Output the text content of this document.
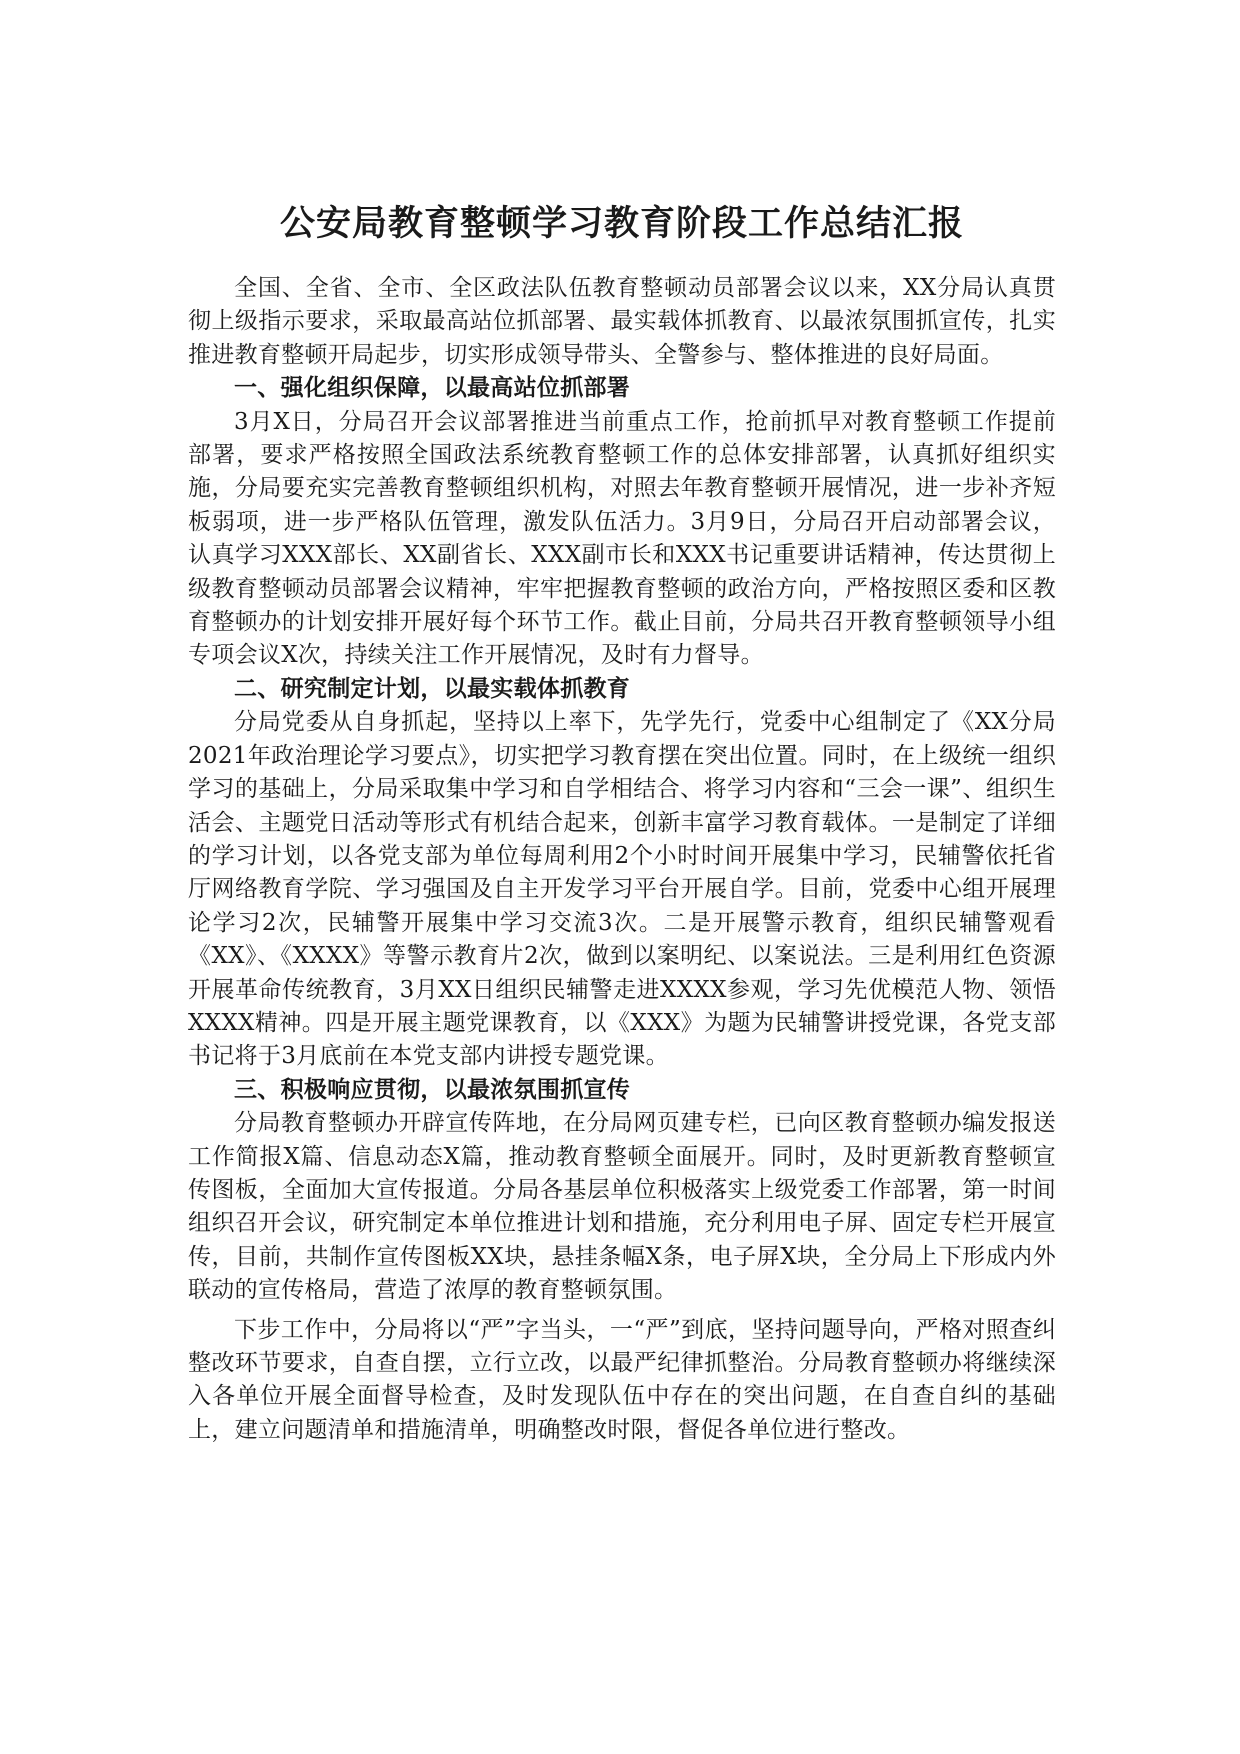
公安局教育整顿学习教育阶段工作总结汇报

全国、全省、全市、全区政法队伍教育整顿动员部署会议以来，XX分局认真贯彻上级指示要求，采取最高站位抓部署、最实载体抓教育、以最浓氛围抓宣传，扎实推进教育整顿开局起步，切实形成领导带头、全警参与、整体推进的良好局面。

一、强化组织保障，以最高站位抓部署

3月X日，分局召开会议部署推进当前重点工作，抢前抓早对教育整顿工作提前部署，要求严格按照全国政法系统教育整顿工作的总体安排部署，认真抓好组织实施，分局要充实完善教育整顿组织机构，对照去年教育整顿开展情况，进一步补齐短板弱项，进一步严格队伍管理，激发队伍活力。3月9日，分局召开启动部署会议，认真学习XXX部长、XX副省长、XXX副市长和XXX书记重要讲话精神，传达贯彻上级教育整顿动员部署会议精神，牢牢把握教育整顿的政治方向，严格按照区委和区教育整顿办的计划安排开展好每个环节工作。截止目前，分局共召开教育整顿领导小组专项会议X次，持续关注工作开展情况，及时有力督导。

二、研究制定计划，以最实载体抓教育

分局党委从自身抓起，坚持以上率下，先学先行，党委中心组制定了《XX分局2021年政治理论学习要点》，切实把学习教育摆在突出位置。同时，在上级统一组织学习的基础上，分局采取集中学习和自学相结合、将学习内容和“三会一课”、组织生活会、主题党日活动等形式有机结合起来，创新丰富学习教育载体。一是制定了详细的学习计划，以各党支部为单位每周利用2个小时时间开展集中学习，民辅警依托省厅网络教育学院、学习强国及自主开发学习平台开展自学。目前，党委中心组开展理论学习2次，民辅警开展集中学习交流3次。二是开展警示教育，组织民辅警观看《XX》、《XXXX》等警示教育片2次，做到以案明纪、以案说法。三是利用红色资源开展革命传统教育，3月XX日组织民辅警走进XXXX参观，学习先优模范人物、领悟XXXX精神。四是开展主题党课教育，以《XXX》为题为民辅警讲授党课，各党支部书记将于3月底前在本党支部内讲授专题党课。

三、积极响应贯彻，以最浓氛围抓宣传

分局教育整顿办开辟宣传阵地，在分局网页建专栏，已向区教育整顿办编发报送工作简报X篇、信息动态X篇，推动教育整顿全面展开。同时，及时更新教育整顿宣传图板，全面加大宣传报道。分局各基层单位积极落实上级党委工作部署，第一时间组织召开会议，研究制定本单位推进计划和措施，充分利用电子屏、固定专栏开展宣传，目前，共制作宣传图板XX块，悬挂条幅X条，电子屏X块，全分局上下形成内外联动的宣传格局，营造了浓厚的教育整顿氛围。

下步工作中，分局将以“严”字当头，一“严”到底，坚持问题导向，严格对照查纠整改环节要求，自查自摆，立行立改，以最严纪律抓整治。分局教育整顿办将继续深入各单位开展全面督导检查，及时发现队伍中存在的突出问题，在自查自纠的基础上，建立问题清单和措施清单，明确整改时限，督促各单位进行整改。
